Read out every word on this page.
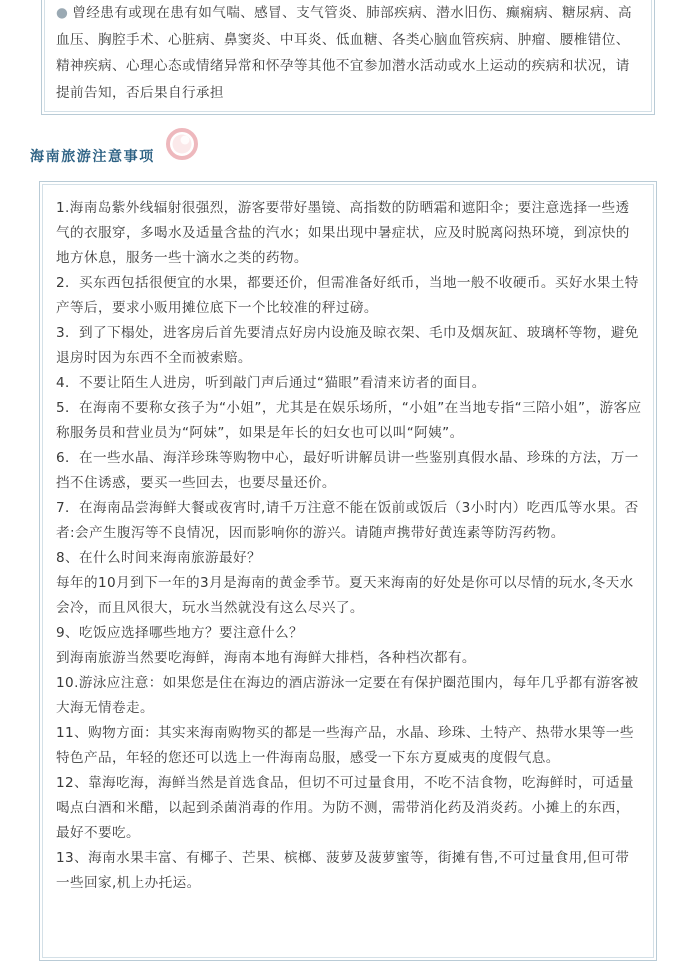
● 曾经患有或现在患有如气喘、感冒、支气管炎、肺部疾病、潜水旧伤、癫痫病、糖尿病、高血压、胸腔手术、心脏病、鼻窦炎、中耳炎、低血糖、各类心脑血管疾病、肿瘤、腰椎错位、精神疾病、心理心态或情绪异常和怀孕等其他不宜参加潜水活动或水上运动的疾病和状况，请提前告知，否后果自行承担
海南旅游注意事项

1.海南岛紫外线辐射很强烈，游客要带好墨镜、高指数的防晒霜和遮阳伞；要注意选择一些透气的衣服穿，多喝水及适量含盐的汽水；如果出现中暑症状，应及时脱离闷热环境，到凉快的地方休息，服务一些十滴水之类的药物。

2．买东西包括很便宜的水果，都要还价，但需准备好纸币，当地一般不收硬币。买好水果土特产等后，要求小贩用摊位底下一个比较准的秤过磅。

3．到了下榻处，进客房后首先要清点好房内设施及晾衣架、毛巾及烟灰缸、玻璃杯等物，避免退房时因为东西不全而被索赔。

4．不要让陌生人进房，听到敲门声后通过“猫眼”看清来访者的面目。

5．在海南不要称女孩子为“小姐”，尤其是在娱乐场所，“小姐”在当地专指“三陪小姐”，游客应称服务员和营业员为“阿妹”，如果是年长的妇女也可以叫“阿姨”。

6．在一些水晶、海洋珍珠等购物中心，最好听讲解员讲一些鉴别真假水晶、珍珠的方法，万一挡不住诱惑，要买一些回去，也要尽量还价。

7．在海南品尝海鲜大餐或夜宵时,请千万注意不能在饭前或饭后（3小时内）吃西瓜等水果。否者:会产生腹泻等不良情况，因而影响你的游兴。请随声携带好黄连素等防泻药物。

8、在什么时间来海南旅游最好？

每年的10月到下一年的3月是海南的黄金季节。夏天来海南的好处是你可以尽情的玩水,冬天水会冷，而且风很大，玩水当然就没有这么尽兴了。

9、吃饭应选择哪些地方？要注意什么？

到海南旅游当然要吃海鲜，海南本地有海鲜大排档，各种档次都有。

10.游泳应注意：如果您是住在海边的酒店游泳一定要在有保护圈范围内，每年几乎都有游客被大海无情卷走。

11、购物方面：其实来海南购物买的都是一些海产品，水晶、珍珠、土特产、热带水果等一些特色产品，年轻的您还可以选上一件海南岛服，感受一下东方夏威夷的度假气息。

12、靠海吃海，海鲜当然是首选食品，但切不可过量食用，不吃不洁食物，吃海鲜时，可适量喝点白酒和米醋，以起到杀菌消毒的作用。为防不测，需带消化药及消炎药。小摊上的东西，最好不要吃。

13、海南水果丰富、有椰子、芒果、槟榔、菠萝及菠萝蜜等，街摊有售,不可过量食用,但可带一些回家,机上办托运。
